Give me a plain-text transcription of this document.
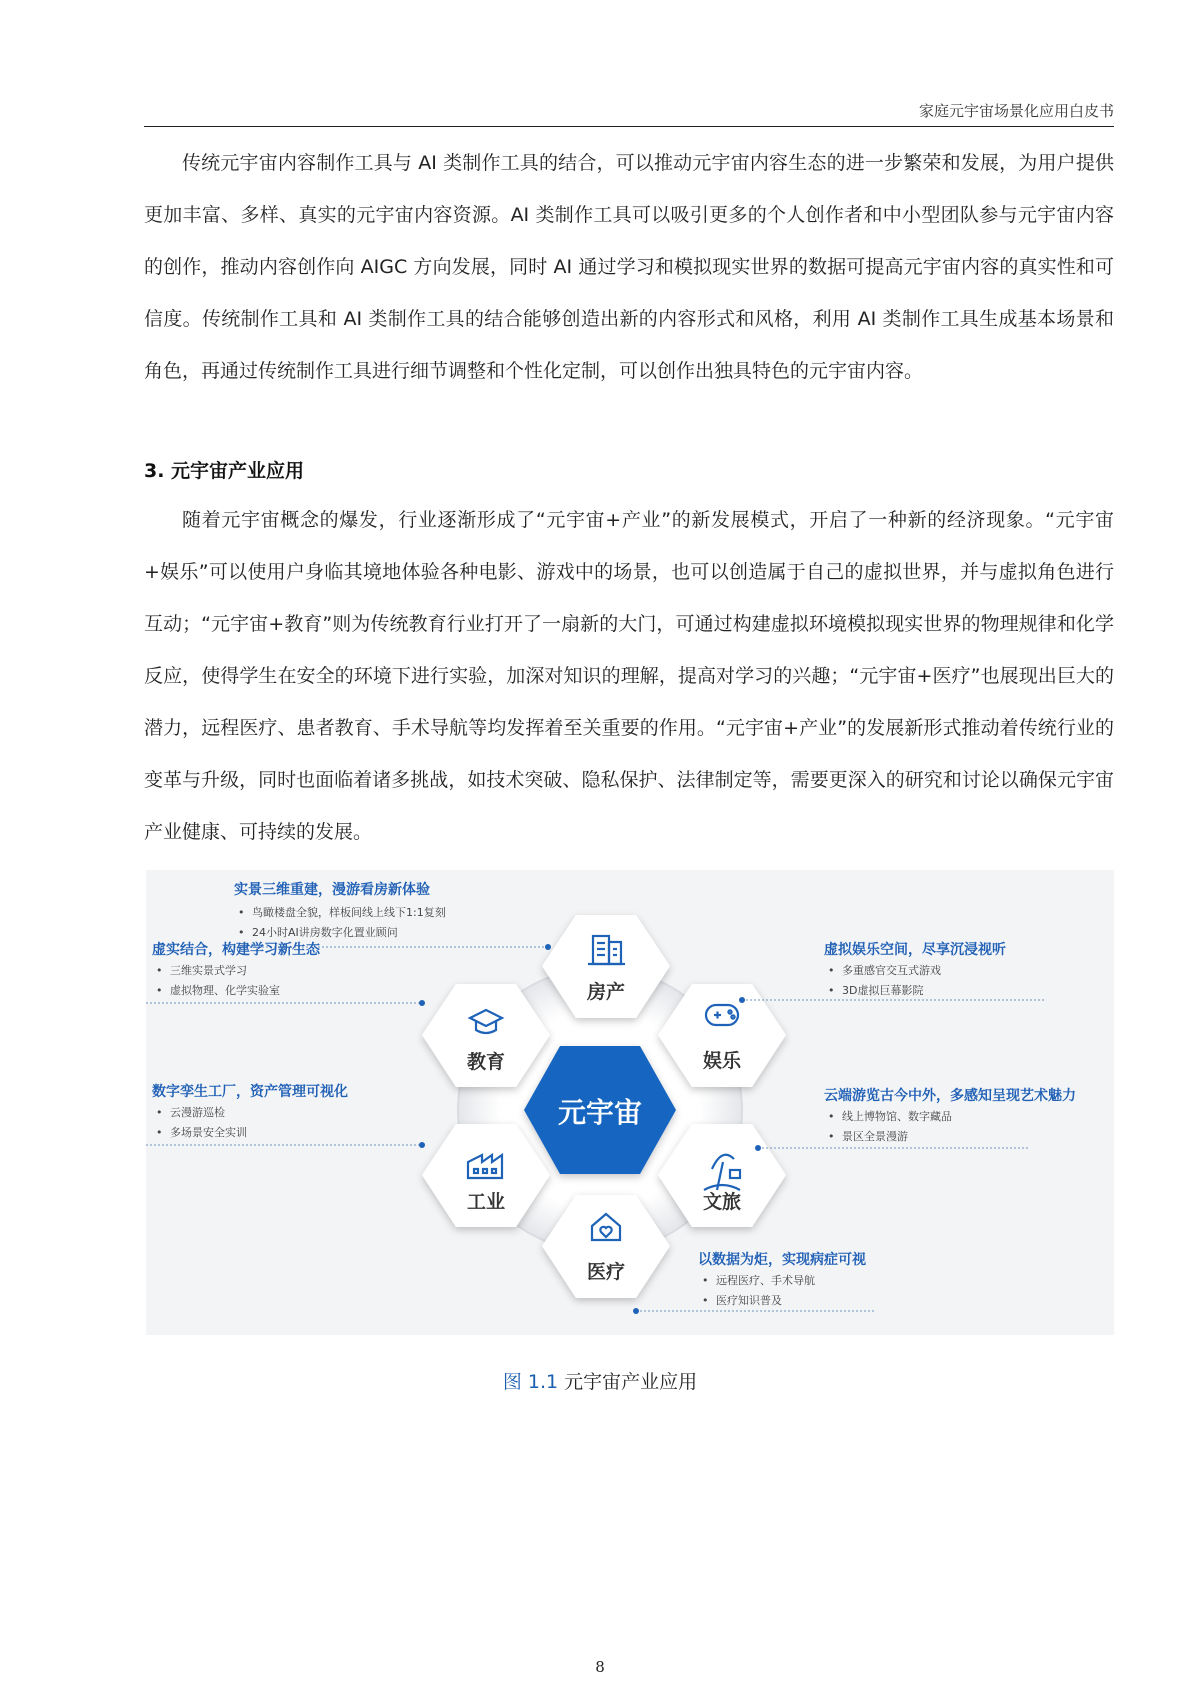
家庭元宇宙场景化应用白皮书

传统元宇宙内容制作工具与 AI 类制作工具的结合，可以推动元宇宙内容生态的进一步繁荣和发展，为用户提供更加丰富、多样、真实的元宇宙内容资源。AI 类制作工具可以吸引更多的个人创作者和中小型团队参与元宇宙内容的创作，推动内容创作向 AIGC 方向发展，同时 AI 通过学习和模拟现实世界的数据可提高元宇宙内容的真实性和可信度。传统制作工具和 AI 类制作工具的结合能够创造出新的内容形式和风格，利用 AI 类制作工具生成基本场景和角色，再通过传统制作工具进行细节调整和个性化定制，可以创作出独具特色的元宇宙内容。

3. 元宇宙产业应用

随着元宇宙概念的爆发，行业逐渐形成了“元宇宙+产业”的新发展模式，开启了一种新的经济现象。“元宇宙+娱乐”可以使用户身临其境地体验各种电影、游戏中的场景，也可以创造属于自己的虚拟世界，并与虚拟角色进行互动；“元宇宙+教育”则为传统教育行业打开了一扇新的大门，可通过构建虚拟环境模拟现实世界的物理规律和化学反应，使得学生在安全的环境下进行实验，加深对知识的理解，提高对学习的兴趣；“元宇宙+医疗”也展现出巨大的潜力，远程医疗、患者教育、手术导航等均发挥着至关重要的作用。“元宇宙+产业”的发展新形式推动着传统行业的变革与升级，同时也面临着诸多挑战，如技术突破、隐私保护、法律制定等，需要更深入的研究和讨论以确保元宇宙产业健康、可持续的发展。

元宇宙
房产
娱乐
文旅
医疗
工业
教育
实景三维重建，漫游看房新体验
• 鸟瞰楼盘全貌，样板间线上线下1:1复刻
• 24小时AI讲房数字化置业顾问
虚实结合，构建学习新生态
• 三维实景式学习
• 虚拟物理、化学实验室
数字孪生工厂，资产管理可视化
• 云漫游巡检
• 多场景安全实训
虚拟娱乐空间，尽享沉浸视听
• 多重感官交互式游戏
• 3D虚拟巨幕影院
云端游览古今中外，多感知呈现艺术魅力
• 线上博物馆、数字藏品
• 景区全景漫游
以数据为炬，实现病症可视
• 远程医疗、手术导航
• 医疗知识普及
图 1.1 元宇宙产业应用
8
